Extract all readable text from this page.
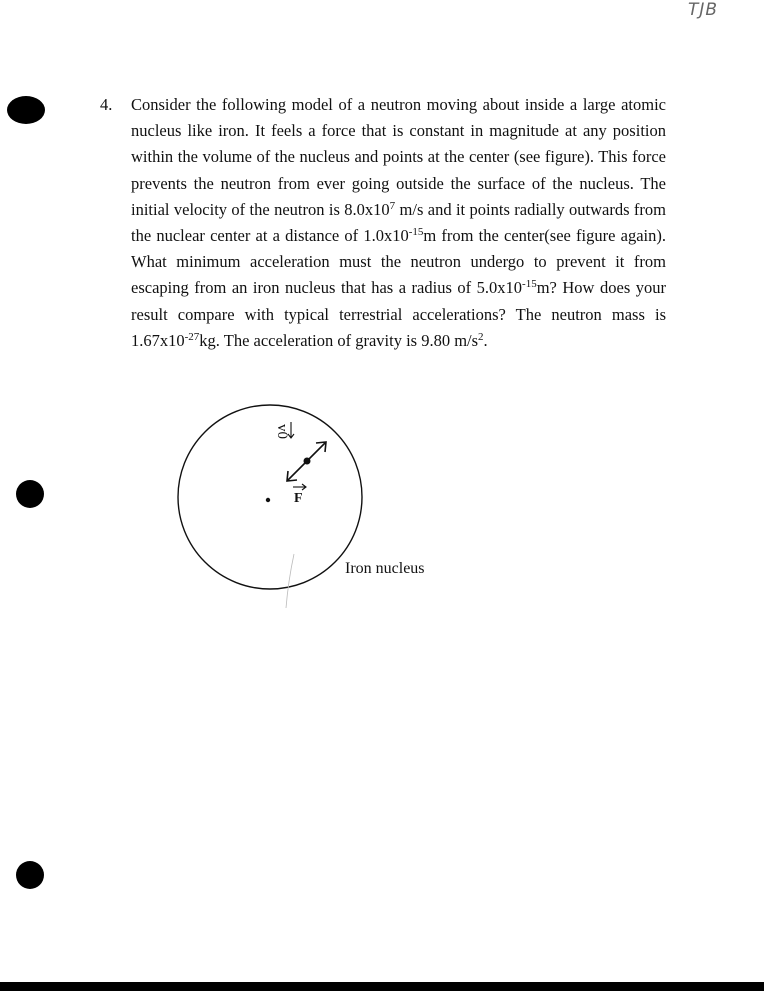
TJB
4. Consider the following model of a neutron moving about inside a large atomic nucleus like iron. It feels a force that is constant in magnitude at any position within the volume of the nucleus and points at the center (see figure). This force prevents the neutron from ever going outside the surface of the nucleus. The initial velocity of the neutron is $8.0x10^7$ m/s and it points radially outwards from the nuclear center at a distance of $1.0x10^{-15}m$ from the center(see figure again). What minimum acceleration must the neutron undergo to prevent it from escaping from an iron nucleus that has a radius of $5.0x10^{-15}m$? How does your result compare with typical terrestrial accelerations? The neutron mass is $1.67x10^{-27}kg$. The acceleration of gravity is 9.80 $m/s^2$.
v0
F
Iron nucleus
